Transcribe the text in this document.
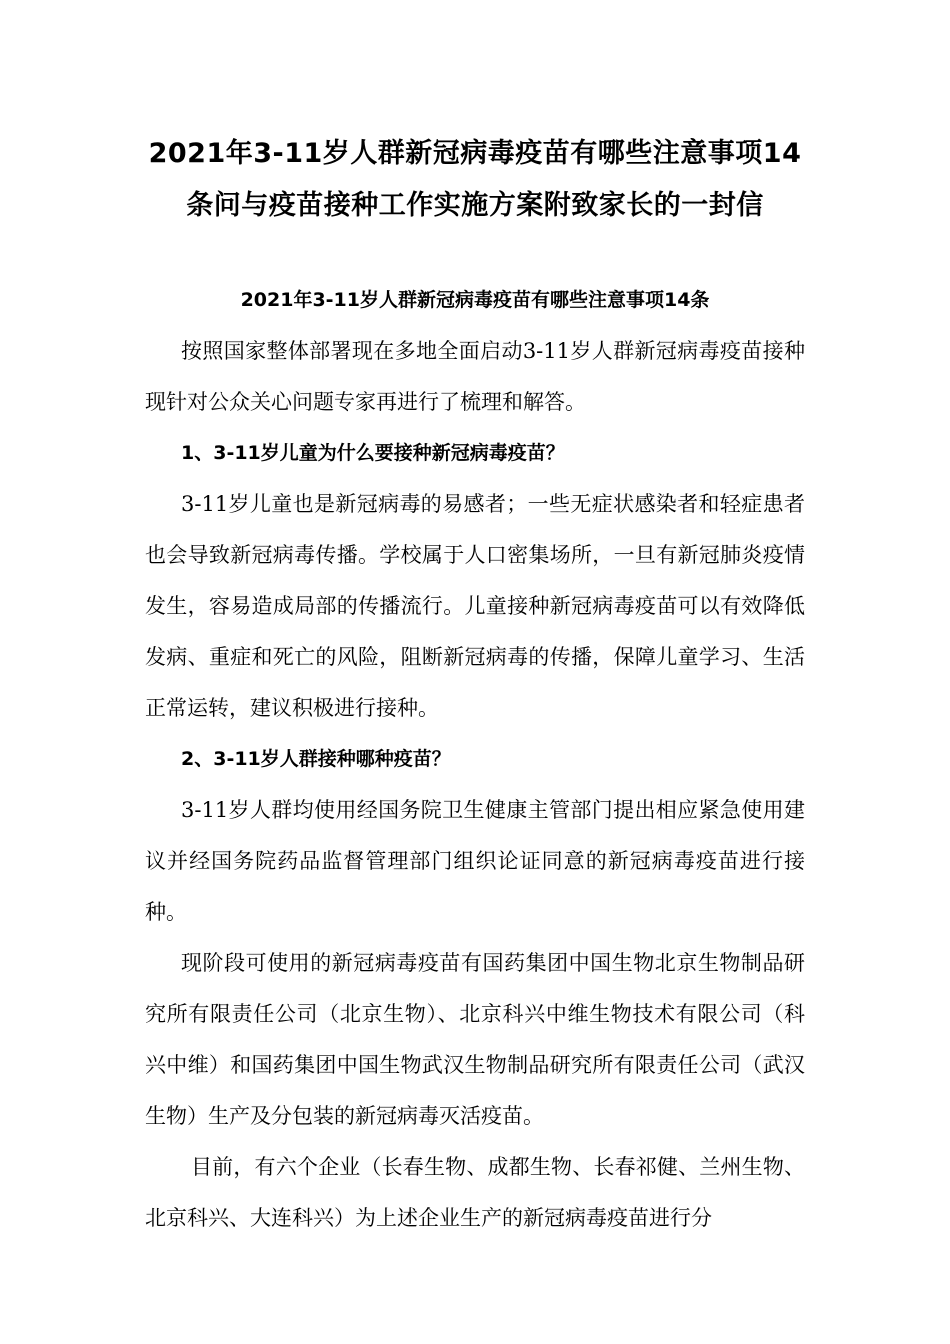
2021年3-11岁人群新冠病毒疫苗有哪些注意事项14条问与疫苗接种工作实施方案附致家长的一封信
2021年3-11岁人群新冠病毒疫苗有哪些注意事项14条

按照国家整体部署现在多地全面启动3-11岁人群新冠病毒疫苗接种现针对公众关心问题专家再进行了梳理和解答。

1、3-11岁儿童为什么要接种新冠病毒疫苗？

3-11岁儿童也是新冠病毒的易感者；一些无症状感染者和轻症患者也会导致新冠病毒传播。学校属于人口密集场所，一旦有新冠肺炎疫情发生，容易造成局部的传播流行。儿童接种新冠病毒疫苗可以有效降低发病、重症和死亡的风险，阻断新冠病毒的传播，保障儿童学习、生活正常运转，建议积极进行接种。

2、3-11岁人群接种哪种疫苗？

3-11岁人群均使用经国务院卫生健康主管部门提出相应紧急使用建议并经国务院药品监督管理部门组织论证同意的新冠病毒疫苗进行接种。

现阶段可使用的新冠病毒疫苗有国药集团中国生物北京生物制品研究所有限责任公司（北京生物）、北京科兴中维生物技术有限公司（科兴中维）和国药集团中国生物武汉生物制品研究所有限责任公司（武汉生物）生产及分包装的新冠病毒灭活疫苗。

目前，有六个企业（长春生物、成都生物、长春祁健、兰州生物、北京科兴、大连科兴）为上述企业生产的新冠病毒疫苗进行分
